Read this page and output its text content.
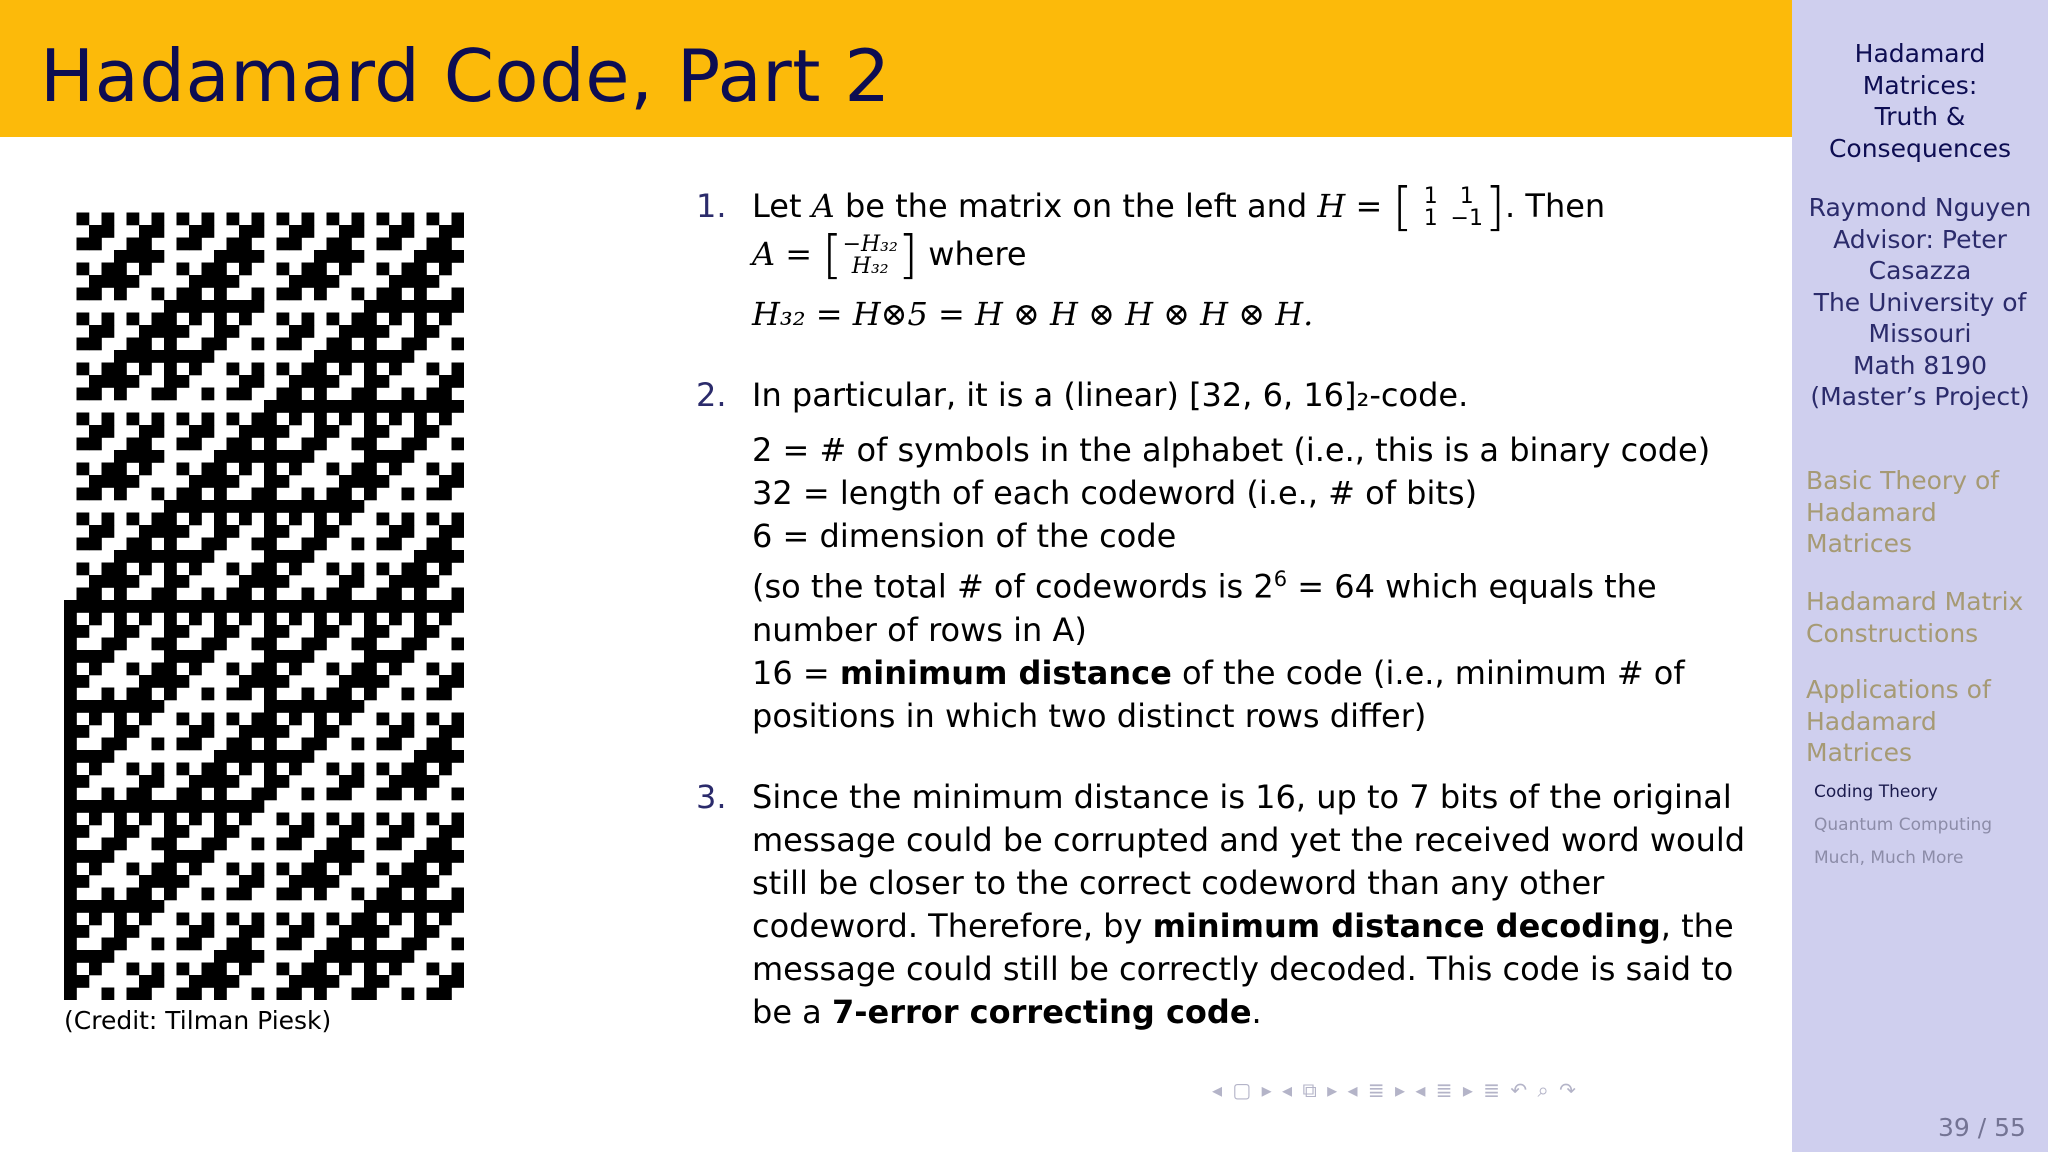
Hadamard Code, Part 2	Hadamard
Matrices:
Truth &
Consequences
Raymond Nguyen
Advisor: Peter
Casazza
The University of
Missouri
Math 8190
(Master’s Project)
Basic Theory of
Hadamard
Matrices
Hadamard Matrix
Constructions
Applications of
Hadamard
Matrices
Coding Theory
Quantum Computing
Much, Much More
39 / 55
(Credit: Tilman Piesk)
1. Let A be the matrix on the left and H = [ 1 1
1 −1 ]. Then
A = [ −H₃₂
H₃₂ ] where
H₃₂ = H⊗5 = H ⊗ H ⊗ H ⊗ H ⊗ H.
2. In particular, it is a (linear) [32, 6, 16]₂-code.
2 = # of symbols in the alphabet (i.e., this is a binary code)
32 = length of each codeword (i.e., # of bits)
6 = dimension of the code
(so the total # of codewords is $2^6 = 64$ which equals the
number of rows in A)
16 = minimum distance of the code (i.e., minimum # of
positions in which two distinct rows differ)
3. Since the minimum distance is 16, up to 7 bits of the original
message could be corrupted and yet the received word would
still be closer to the correct codeword than any other
codeword. Therefore, by minimum distance decoding, the
message could still be correctly decoded. This code is said to
be a 7-error correcting code.
◂ ▢ ▸ ◂ ⧉ ▸ ◂ ≣ ▸ ◂ ≣ ▸ ≣ ↶ ⌕ ↷
